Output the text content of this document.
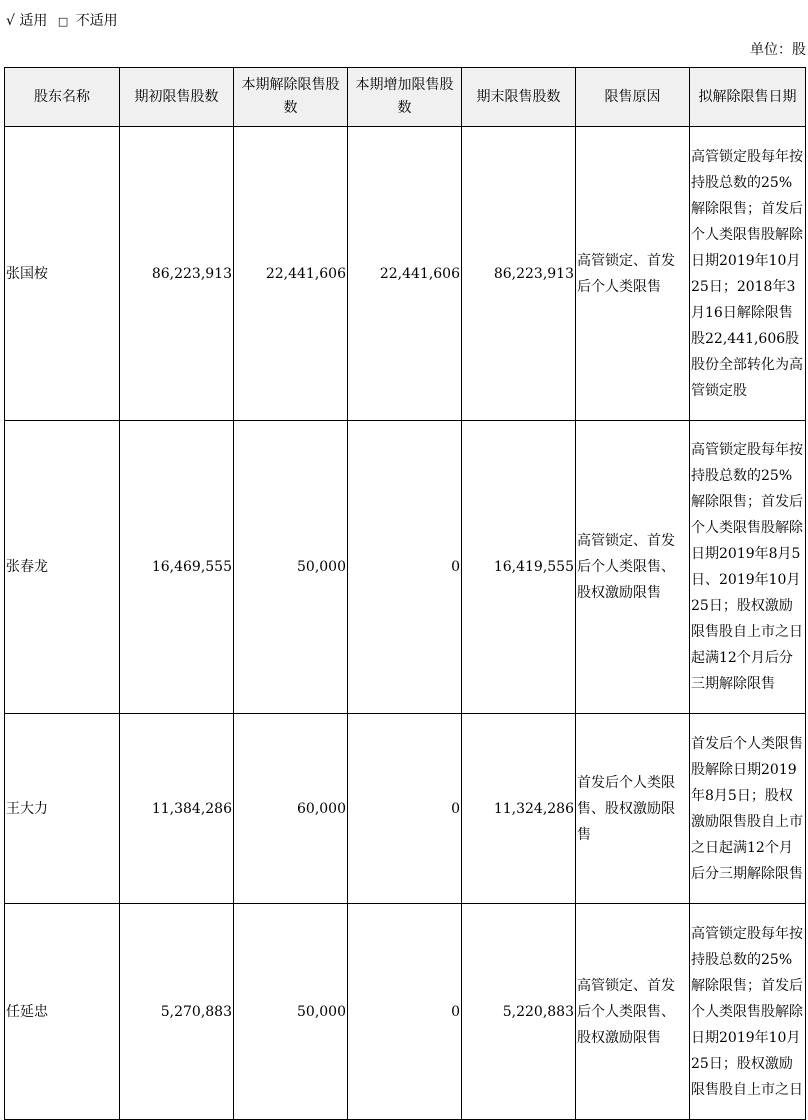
√ 适用 □ 不适用
单位：股
股东名称	期初限售股数	本期解除限售股数	本期增加限售股数	期末限售股数	限售原因	拟解除限售日期
张国桉	86,223,913	22,441,606	22,441,606	86,223,913	高管锁定、首发后个人类限售	高管锁定股每年按持股总数的25%解除限售；首发后个人类限售股解除日期2019年10月25日；2018年3月16日解除限售股22,441,606股股份全部转化为高管锁定股
张春龙	16,469,555	50,000	0	16,419,555	高管锁定、首发后个人类限售、股权激励限售	高管锁定股每年按持股总数的25%解除限售；首发后个人类限售股解除日期2019年8月5日、2019年10月25日；股权激励限售股自上市之日起满12个月后分三期解除限售
王大力	11,384,286	60,000	0	11,324,286	首发后个人类限售、股权激励限售	首发后个人类限售股解除日期2019年8月5日；股权激励限售股自上市之日起满12个月后分三期解除限售
任延忠	5,270,883	50,000	0	5,220,883	高管锁定、首发后个人类限售、股权激励限售	高管锁定股每年按持股总数的25%解除限售；首发后个人类限售股解除日期2019年10月25日；股权激励限售股自上市之日
